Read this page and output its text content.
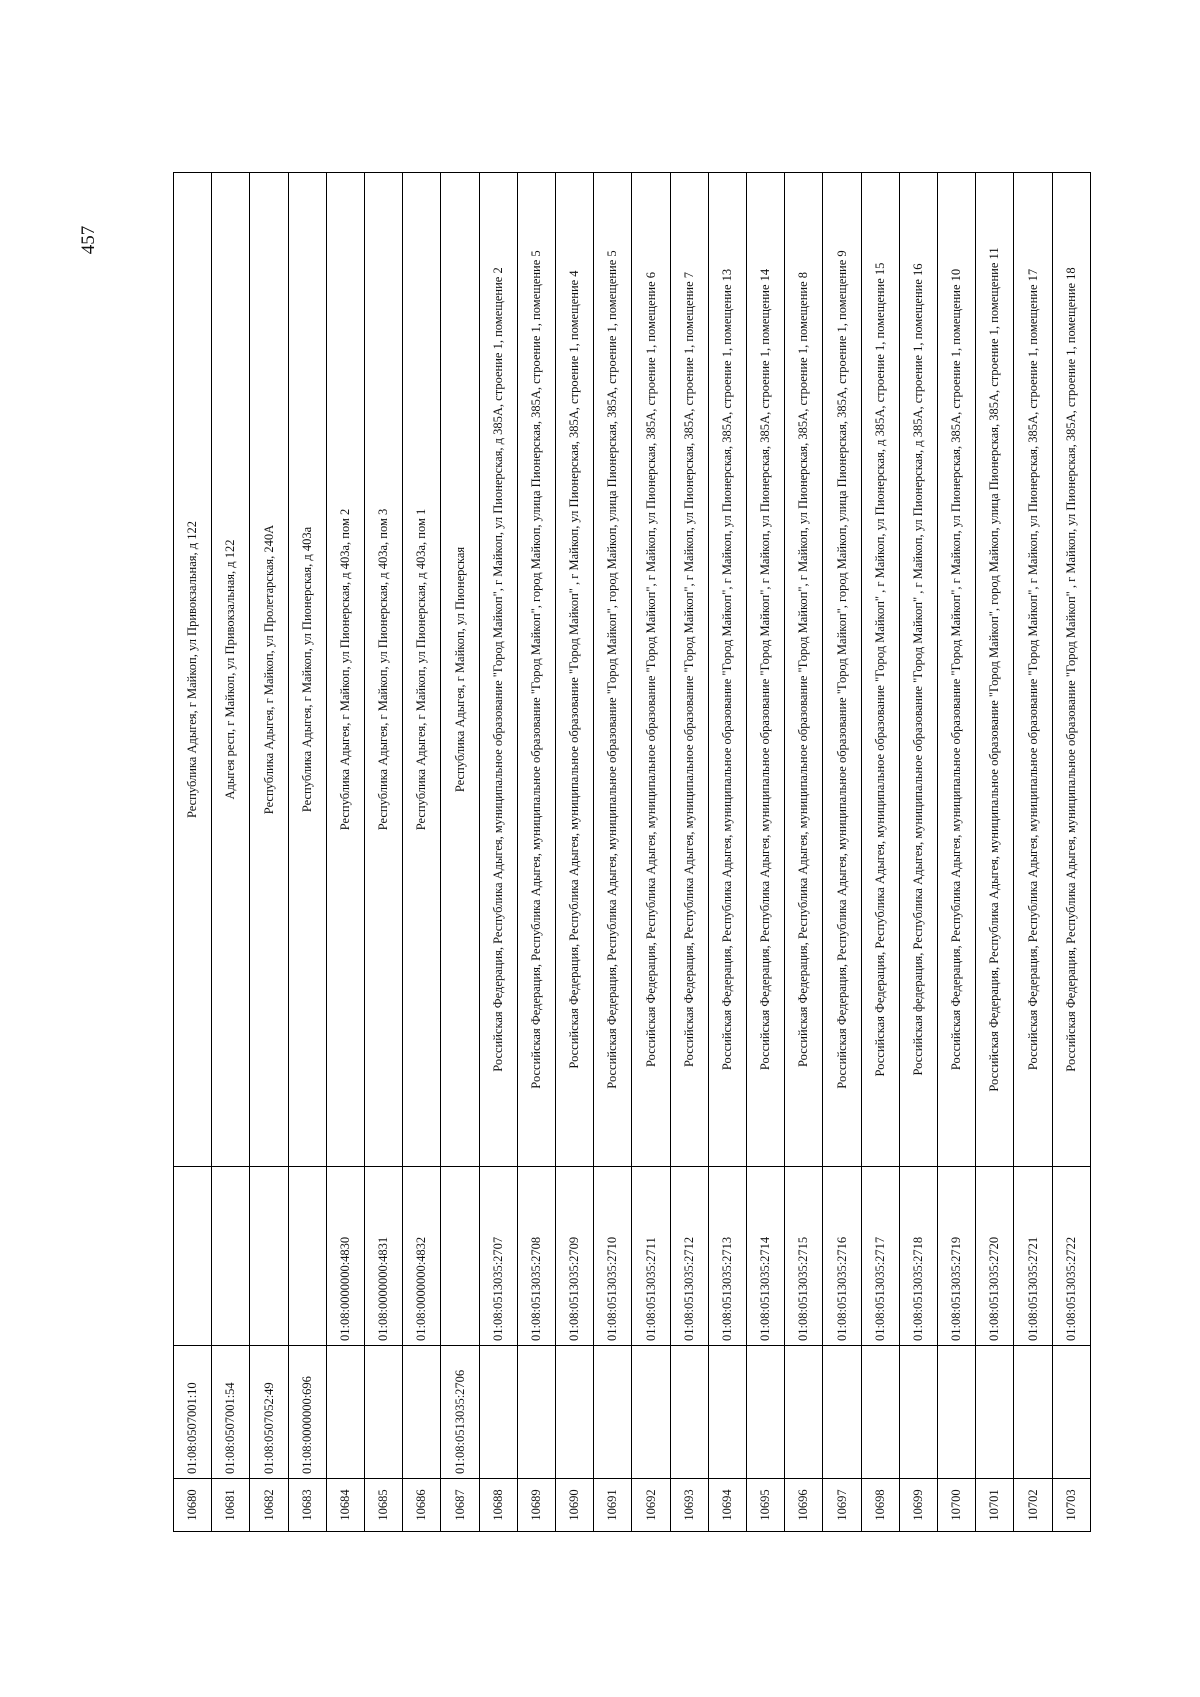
457
10680	01:08:0507001:10		Республика Адыгея, г Майкоп, ул Привокзальная, д 122
10681	01:08:0507001:54		Адыгея респ, г Майкоп, ул Привокзальная, д 122
10682	01:08:0507052:49		Республика Адыгея, г Майкоп, ул Пролетарская, 240А
10683	01:08:0000000:696		Республика Адыгея, г Майкоп, ул Пионерская, д 403а
10684		01:08:0000000:4830	Республика Адыгея, г Майкоп, ул Пионерская, д 403а, пом 2
10685		01:08:0000000:4831	Республика Адыгея, г Майкоп, ул Пионерская, д 403а, пом 3
10686		01:08:0000000:4832	Республика Адыгея, г Майкоп, ул Пионерская, д 403а, пом 1
10687	01:08:0513035:2706		Республика Адыгея, г Майкоп, ул Пионерская
10688		01:08:0513035:2707	Российская Федерация, Республика Адыгея, муниципальное образование "Город Майкоп", г Майкоп, ул Пионерская, д 385А, строение 1, помещение 2
10689		01:08:0513035:2708	Российская Федерация, Республика Адыгея, муниципальное образование "Город Майкоп", город Майкоп, улица Пионерская, 385А, строение 1, помещение 5
10690		01:08:0513035:2709	Российская Федерация, Республика Адыгея, муниципальное образование "Город Майкоп" , г Майкоп, ул Пионерская, 385А, строение 1, помещение 4
10691		01:08:0513035:2710	Российская Федерация, Республика Адыгея, муниципальное образование "Город Майкоп", город Майкоп, улица Пионерская, 385А, строение 1, помещение 5
10692		01:08:0513035:2711	Российская Федерация, Республика Адыгея, муниципальное образование "Город Майкоп", г Майкоп, ул Пионерская, 385А, строение 1, помещение 6
10693		01:08:0513035:2712	Российская Федерация, Республика Адыгея, муниципальное образование "Город Майкоп", г Майкоп, ул Пионерская, 385А, строение 1, помещение 7
10694		01:08:0513035:2713	Российская Федерация, Республика Адыгея, муниципальное образование "Город Майкоп", г Майкоп, ул Пионерская, 385А, строение 1, помещение 13
10695		01:08:0513035:2714	Российская Федерация, Республика Адыгея, муниципальное образование "Город Майкоп", г Майкоп, ул Пионерская, 385А, строение 1, помещение 14
10696		01:08:0513035:2715	Российская Федерация, Республика Адыгея, муниципальное образование "Город Майкоп", г Майкоп, ул Пионерская, 385А, строение 1, помещение 8
10697		01:08:0513035:2716	Российская Федерация, Республика Адыгея, муниципальное образование "Город Майкоп", город Майкоп, улица Пионерская, 385А, строение 1, помещение 9
10698		01:08:0513035:2717	Российская Федерация, Республика Адыгея, муниципальное образование "Город Майкоп" , г Майкоп, ул Пионерская, д 385А, строение 1, помещение 15
10699		01:08:0513035:2718	Российская федерация, Республика Адыгея, муниципальное образование "Город Майкоп" , г Майкоп, ул Пионерская, д 385А, строение 1, помещение 16
10700		01:08:0513035:2719	Российская Федерация, Республика Адыгея, муниципальное образование "Город Майкоп", г Майкоп, ул Пионерская, 385А, строение 1, помещение 10
10701		01:08:0513035:2720	Российская Федерация, Республика Адыгея, муниципальное образование "Город Майкоп", город Майкоп, улица Пионерская, 385А, строение 1, помещение 11
10702		01:08:0513035:2721	Российская Федерация, Республика Адыгея, муниципальное образование "Город Майкоп", г Майкоп, ул Пионерская, 385А, строение 1, помещение 17
10703		01:08:0513035:2722	Российская Федерация, Республика Адыгея, муниципальное образование "Город Майкоп" , г Майкоп, ул Пионерская, 385А, строение 1, помещение 18
